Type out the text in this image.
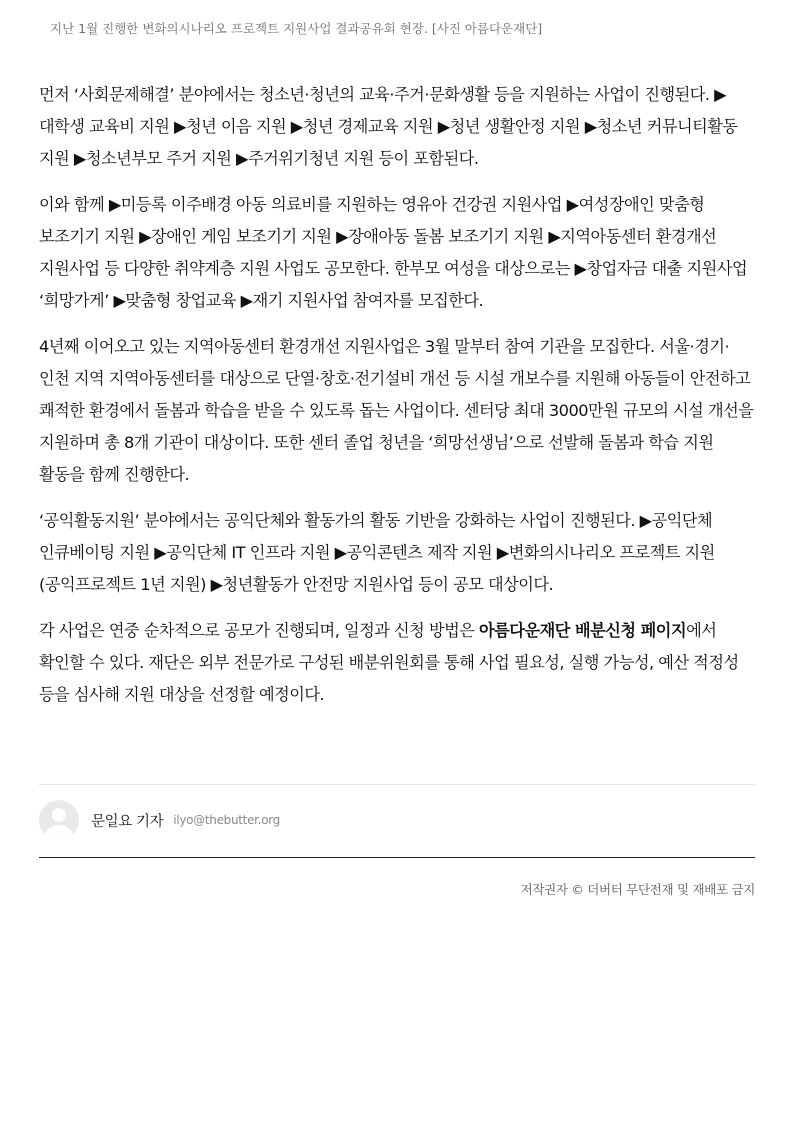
지난 1월 진행한 변화의시나리오 프로젝트 지원사업 결과공유회 현장. [사진 아름다운재단]

먼저 ‘사회문제해결’ 분야에서는 청소년·청년의 교육·주거·문화생활 등을 지원하는 사업이 진행된다. ▶대학생 교육비 지원 ▶청년 이음 지원 ▶청년 경제교육 지원 ▶청년 생활안정 지원 ▶청소년 커뮤니티활동 지원 ▶청소년부모 주거 지원 ▶주거위기청년 지원 등이 포함된다.

이와 함께 ▶미등록 이주배경 아동 의료비를 지원하는 영유아 건강권 지원사업 ▶여성장애인 맞춤형 보조기기 지원 ▶장애인 게임 보조기기 지원 ▶장애아동 돌봄 보조기기 지원 ▶지역아동센터 환경개선 지원사업 등 다양한 취약계층 지원 사업도 공모한다. 한부모 여성을 대상으로는 ▶창업자금 대출 지원사업 ‘희망가게’ ▶맞춤형 창업교육 ▶재기 지원사업 참여자를 모집한다.

4년째 이어오고 있는 지역아동센터 환경개선 지원사업은 3월 말부터 참여 기관을 모집한다. 서울·경기·인천 지역 지역아동센터를 대상으로 단열·창호·전기설비 개선 등 시설 개보수를 지원해 아동들이 안전하고 쾌적한 환경에서 돌봄과 학습을 받을 수 있도록 돕는 사업이다. 센터당 최대 3000만원 규모의 시설 개선을 지원하며 총 8개 기관이 대상이다. 또한 센터 졸업 청년을 ‘희망선생님’으로 선발해 돌봄과 학습 지원 활동을 함께 진행한다.

‘공익활동지원’ 분야에서는 공익단체와 활동가의 활동 기반을 강화하는 사업이 진행된다. ▶공익단체 인큐베이팅 지원 ▶공익단체 IT 인프라 지원 ▶공익콘텐츠 제작 지원 ▶변화의시나리오 프로젝트 지원(공익프로젝트 1년 지원) ▶청년활동가 안전망 지원사업 등이 공모 대상이다.

각 사업은 연중 순차적으로 공모가 진행되며, 일정과 신청 방법은 아름다운재단 배분신청 페이지에서 확인할 수 있다. 재단은 외부 전문가로 구성된 배분위원회를 통해 사업 필요성, 실행 가능성, 예산 적정성 등을 심사해 지원 대상을 선정할 예정이다.

문일요 기자 ilyo@thebutter.org
저작권자 © 더버터 무단전재 및 재배포 금지
